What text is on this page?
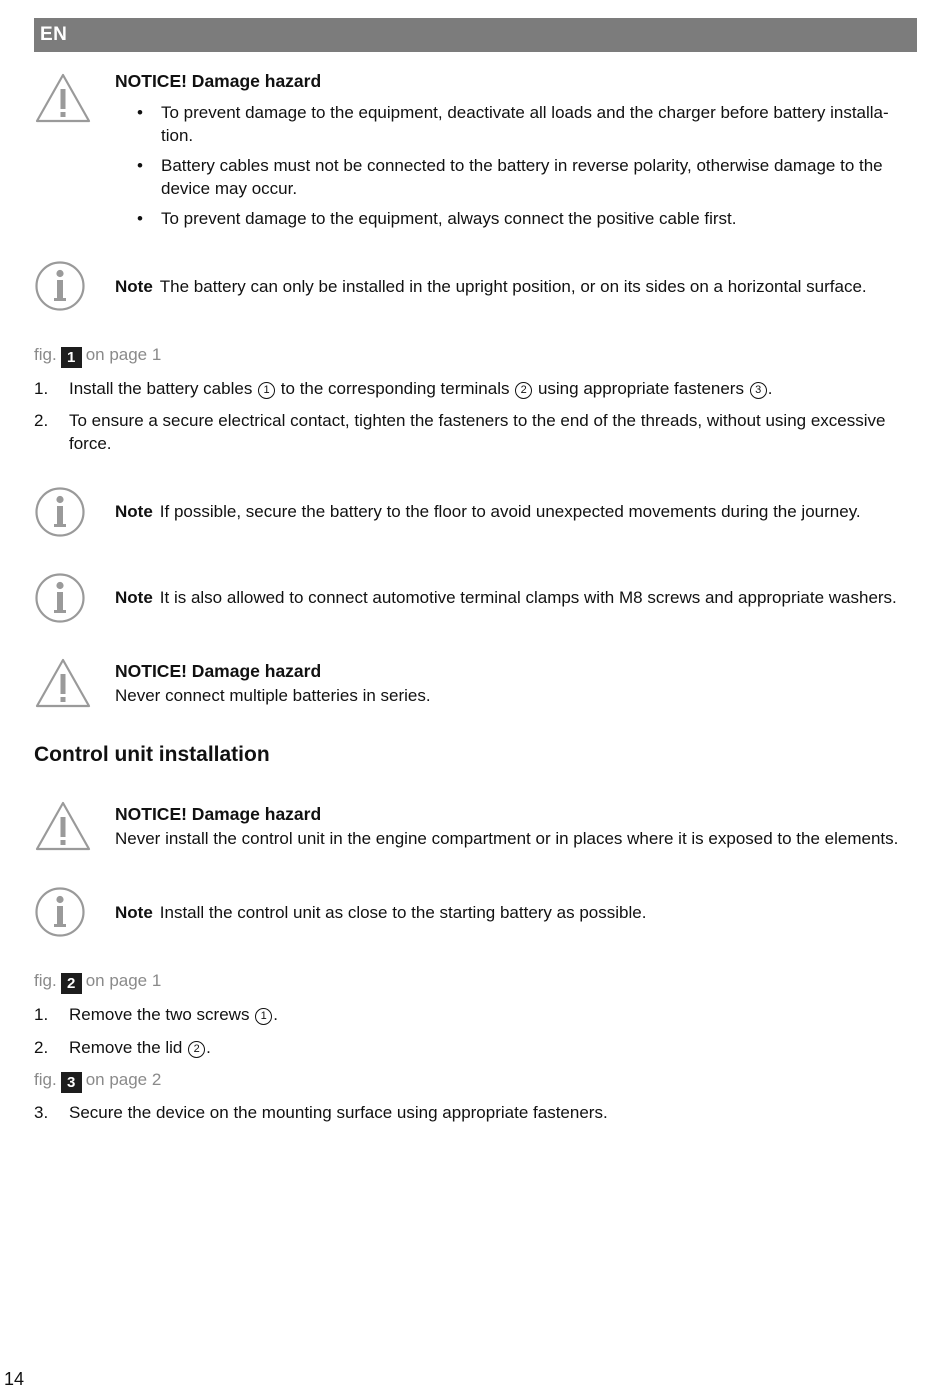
EN
NOTICE! Damage hazard
• To prevent damage to the equipment, deactivate all loads and the charger before battery installa-
tion.
• Battery cables must not be connected to the battery in reverse polarity, otherwise damage to the
device may occur.
• To prevent damage to the equipment, always connect the positive cable first.
Note The battery can only be installed in the upright position, or on its sides on a horizontal surface.
fig. 1 on page 1
1. Install the battery cables 1 to the corresponding terminals 2 using appropriate fasteners 3 .
2. To ensure a secure electrical contact, tighten the fasteners to the end of the threads, without using excessive
force.
Note If possible, secure the battery to the floor to avoid unexpected movements during the journey.
Note It is also allowed to connect automotive terminal clamps with M8 screws and appropriate washers.
NOTICE! Damage hazard
Never connect multiple batteries in series.
Control unit installation
NOTICE! Damage hazard
Never install the control unit in the engine compartment or in places where it is exposed to the elements.
Note Install the control unit as close to the starting battery as possible.
fig. 2 on page 1
1. Remove the two screws 1 .
2. Remove the lid 2 .
fig. 3 on page 2
3. Secure the device on the mounting surface using appropriate fasteners.
14
